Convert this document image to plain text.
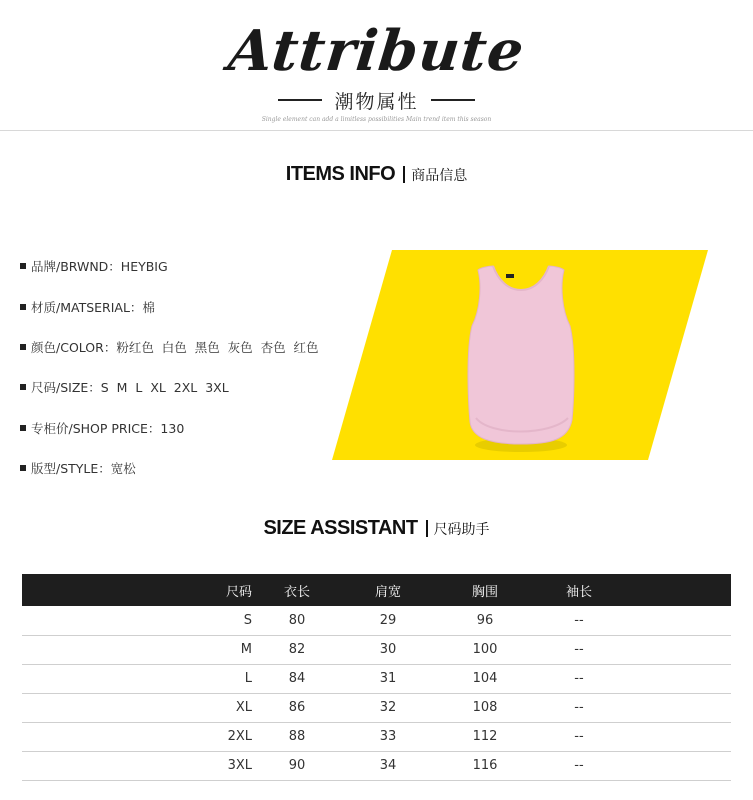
Attribute
潮物属性
Single element can add a limitless possibilities Main trend item this season
ITEMS INFO 商品信息
品牌/BRWND：HEYBIG
材质/MATSERIAL：棉
颜色/COLOR：粉红色  白色  黑色  灰色  杏色  红色
尺码/SIZE：S  M  L  XL  2XL  3XL
专柜价/SHOP PRICE：130
版型/STYLE：宽松
SIZE ASSISTANT 尺码助手
尺码	衣长	肩宽	胸围	袖长	
S	80	29	96	--	
M	82	30	100	--	
L	84	31	104	--	
XL	86	32	108	--	
2XL	88	33	112	--	
3XL	90	34	116	--	
